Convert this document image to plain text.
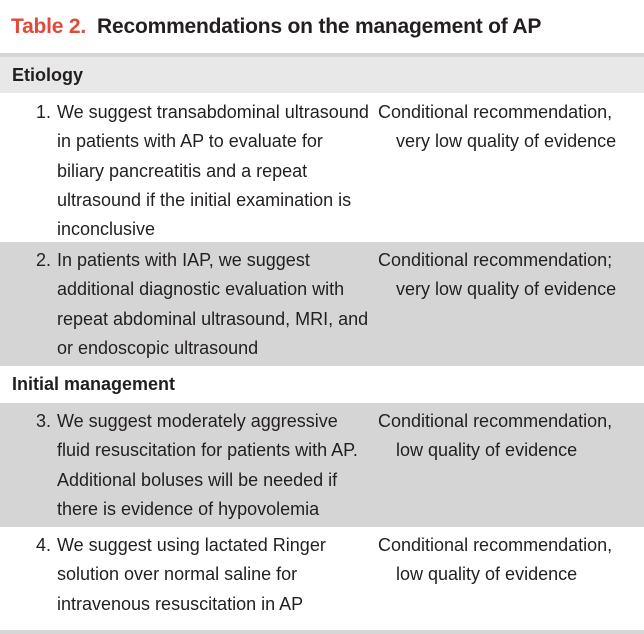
Table 2. Recommendations on the management of AP
Etiology
1. We suggest transabdominal ultrasound in patients with AP to evaluate for biliary pancreatitis and a repeat ultrasound if the initial examination is inconclusive
Conditional recommendation,
very low quality of evidence
2. In patients with IAP, we suggest additional diagnostic evaluation with repeat abdominal ultrasound, MRI, and or endoscopic ultrasound
Conditional recommendation;
very low quality of evidence
Initial management
3. We suggest moderately aggressive fluid resuscitation for patients with AP. Additional boluses will be needed if there is evidence of hypovolemia
Conditional recommendation,
low quality of evidence
4. We suggest using lactated Ringer solution over normal saline for intravenous resuscitation in AP
Conditional recommendation,
low quality of evidence
